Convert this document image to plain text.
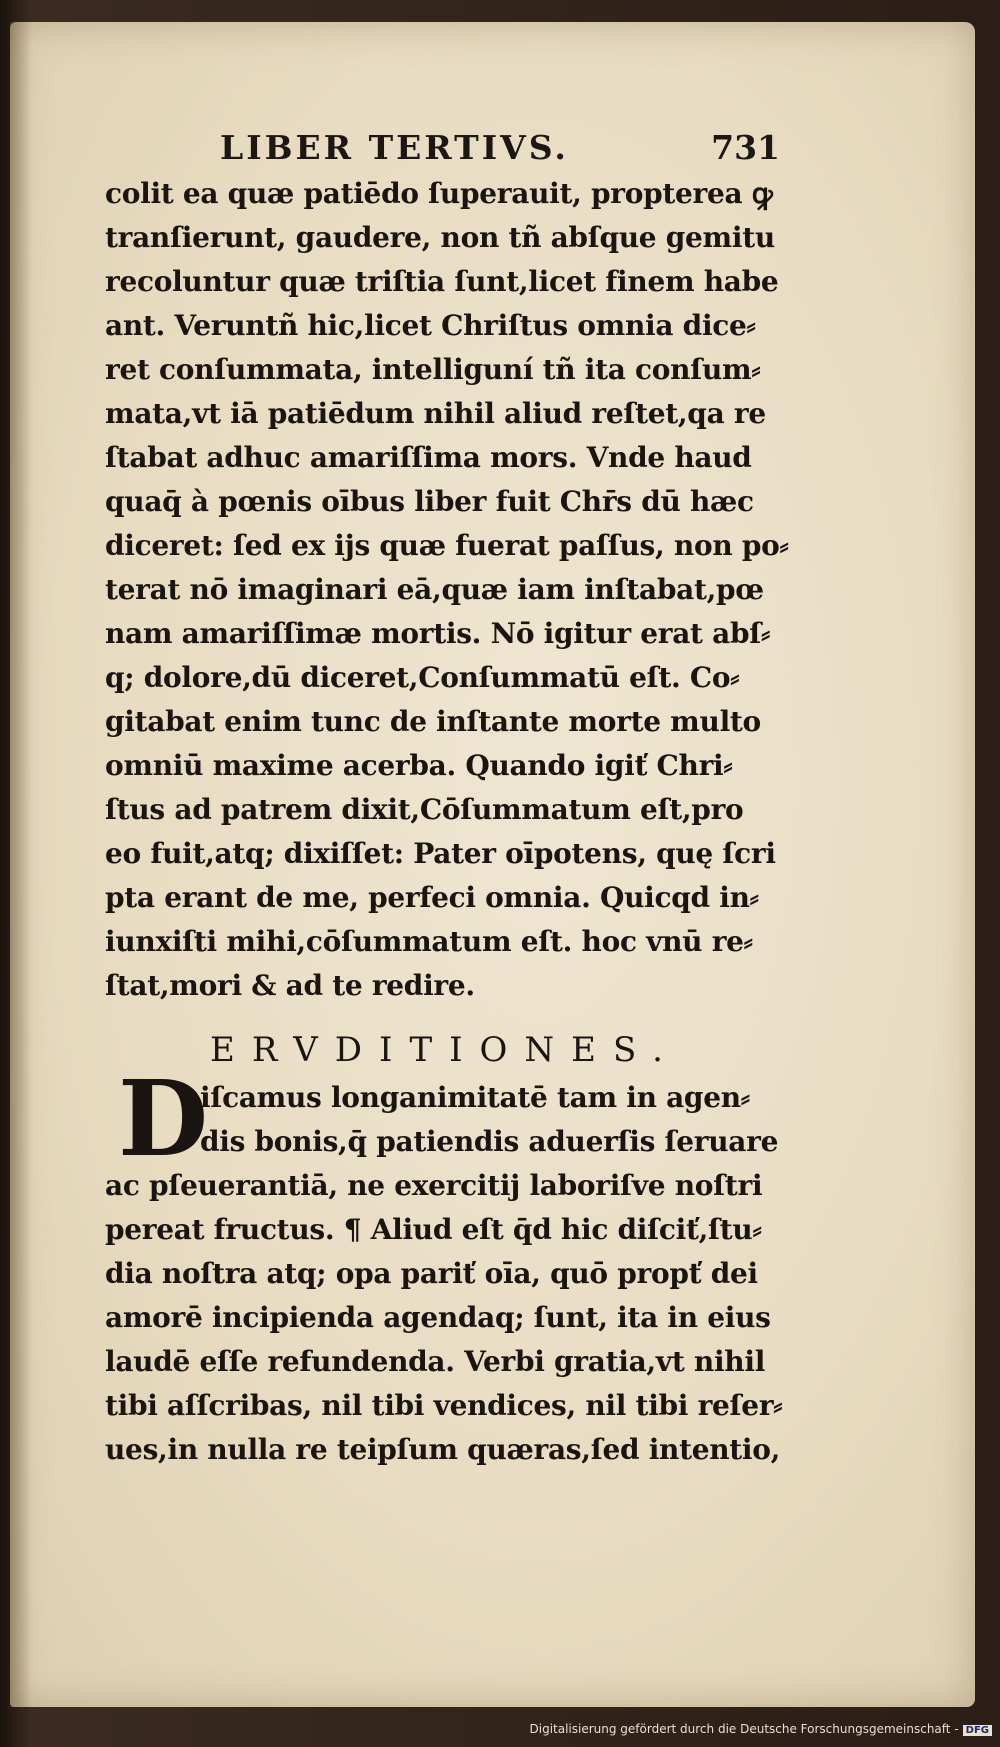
LIBER TERTIVS.	731
colit ea quæ patiēdo ſuperauit, propterea ꝙ
tranſierunt, gaudere, non tñ abſque gemitu
recoluntur quæ triſtia ſunt,licet finem habe
ant. Veruntñ hic,licet Chriſtus omnia dice⸗
ret conſummata, intelliguní tñ ita conſum⸗
mata,vt iā patiēdum nihil aliud reſtet,qa re
ſtabat adhuc amariſſima mors. Vnde haud
quaq̄ à pœnis oībus liber fuit Chr̄s dū hæc
diceret: ſed ex ijs quæ fuerat paſſus, non po⸗
terat nō imaginari eā,quæ iam inſtabat,pœ
nam amariſſimæ mortis. Nō igitur erat abſ⸗
q; dolore,dū diceret,Conſummatū eſt. Co⸗
gitabat enim tunc de inſtante morte multo
omniū maxime acerba. Quando igiť Chri⸗
ſtus ad patrem dixit,Cōſummatum eſt,pro
eo fuit,atq; dixiſſet: Pater oīpotens, quę ſcri
pta erant de me, perfeci omnia. Quicqd in⸗
iunxiſti mihi,cōſummatum eſt. hoc vnū re⸗
ſtat,mori & ad te redire.
ERVDITIONES.
D
iſcamus longanimitatē tam in agen⸗
dis bonis,q̄ patiendis aduerſis ſeruare
ac pſeuerantiā, ne exercitij laboriſve noſtri
pereat fructus. ¶ Aliud eſt q̄d hic diſciť,ſtu⸗
dia noſtra atq; opa pariť oīa, quō propť dei
amorē incipienda agendaq; ſunt, ita in eius
laudē eſſe refundenda. Verbi gratia,vt nihil
tibi aſſcribas, nil tibi vendices, nil tibi reſer⸗
ues,in nulla re teipſum quæras,ſed intentio,
Digitalisierung gefördert durch die Deutsche Forschungsgemeinschaft - DFG
